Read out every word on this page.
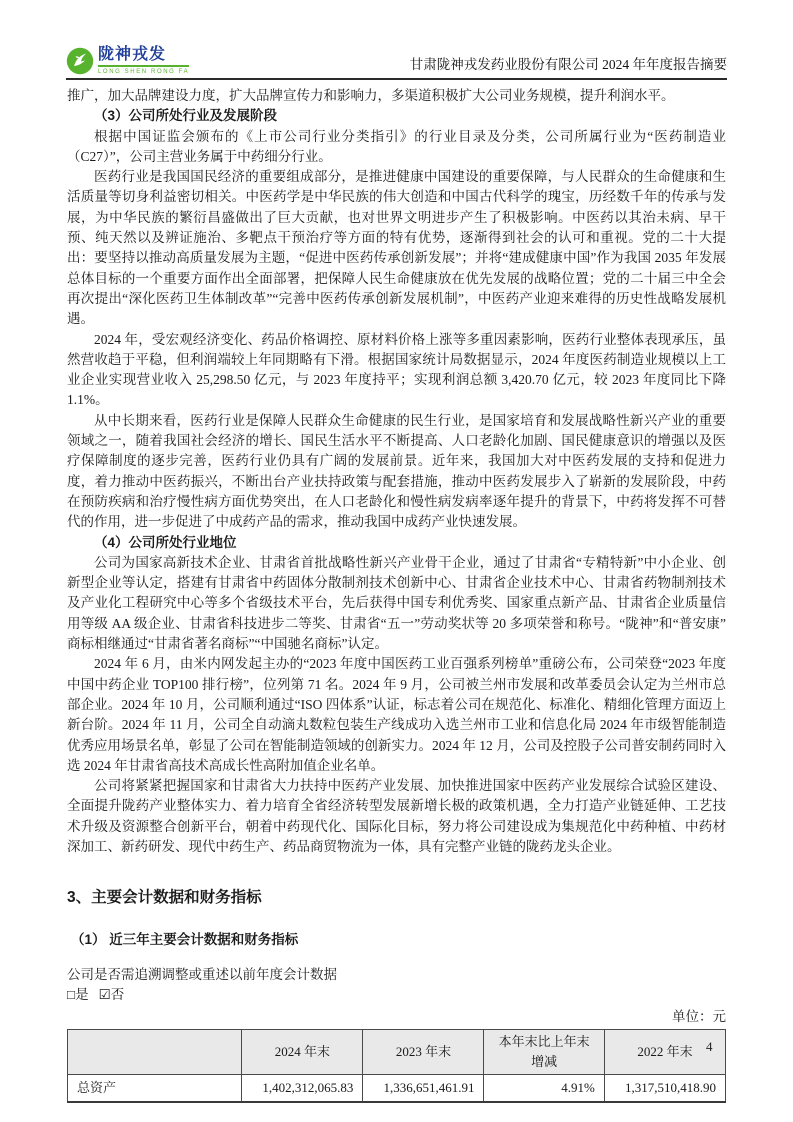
陇神戎发
LONG SHEN RONG FA	甘肃陇神戎发药业股份有限公司 2024 年年度报告摘要

推广，加大品牌建设力度，扩大品牌宣传力和影响力，多渠道积极扩大公司业务规模，提升利润水平。

（3）公司所处行业及发展阶段

根据中国证监会颁布的《上市公司行业分类指引》的行业目录及分类，公司所属行业为“医药制造业（C27）”，公司主营业务属于中药细分行业。

医药行业是我国国民经济的重要组成部分，是推进健康中国建设的重要保障，与人民群众的生命健康和生活质量等切身利益密切相关。中医药学是中华民族的伟大创造和中国古代科学的瑰宝，历经数千年的传承与发展，为中华民族的繁衍昌盛做出了巨大贡献，也对世界文明进步产生了积极影响。中医药以其治未病、早干预、纯天然以及辨证施治、多靶点干预治疗等方面的特有优势，逐渐得到社会的认可和重视。党的二十大提出：要坚持以推动高质量发展为主题，“促进中医药传承创新发展”；并将“建成健康中国”作为我国 2035 年发展总体目标的一个重要方面作出全面部署，把保障人民生命健康放在优先发展的战略位置；党的二十届三中全会再次提出“深化医药卫生体制改革”“完善中医药传承创新发展机制”，中医药产业迎来难得的历史性战略发展机遇。

2024 年，受宏观经济变化、药品价格调控、原材料价格上涨等多重因素影响，医药行业整体表现承压，虽然营收趋于平稳，但利润端较上年同期略有下滑。根据国家统计局数据显示，2024 年度医药制造业规模以上工业企业实现营业收入 25,298.50 亿元，与 2023 年度持平；实现利润总额 3,420.70 亿元，较 2023 年度同比下降 1.1%。

从中长期来看，医药行业是保障人民群众生命健康的民生行业，是国家培育和发展战略性新兴产业的重要领域之一，随着我国社会经济的增长、国民生活水平不断提高、人口老龄化加剧、国民健康意识的增强以及医疗保障制度的逐步完善，医药行业仍具有广阔的发展前景。近年来，我国加大对中医药发展的支持和促进力度，着力推动中医药振兴，不断出台产业扶持政策与配套措施，推动中医药发展步入了崭新的发展阶段，中药在预防疾病和治疗慢性病方面优势突出，在人口老龄化和慢性病发病率逐年提升的背景下，中药将发挥不可替代的作用，进一步促进了中成药产品的需求，推动我国中成药产业快速发展。

（4）公司所处行业地位

公司为国家高新技术企业、甘肃省首批战略性新兴产业骨干企业，通过了甘肃省“专精特新”中小企业、创新型企业等认定，搭建有甘肃省中药固体分散制剂技术创新中心、甘肃省企业技术中心、甘肃省药物制剂技术及产业化工程研究中心等多个省级技术平台，先后获得中国专利优秀奖、国家重点新产品、甘肃省企业质量信用等级 AA 级企业、甘肃省科技进步二等奖、甘肃省“五一”劳动奖状等 20 多项荣誉和称号。“陇神”和“普安康”商标相继通过“甘肃省著名商标”“中国驰名商标”认定。

2024 年 6 月，由米内网发起主办的“2023 年度中国医药工业百强系列榜单”重磅公布，公司荣登“2023 年度中国中药企业 TOP100 排行榜”，位列第 71 名。2024 年 9 月，公司被兰州市发展和改革委员会认定为兰州市总部企业。2024 年 10 月，公司顺利通过“ISO 四体系”认证，标志着公司在规范化、标准化、精细化管理方面迈上新台阶。2024 年 11 月，公司全自动滴丸数粒包装生产线成功入选兰州市工业和信息化局 2024 年市级智能制造优秀应用场景名单，彰显了公司在智能制造领域的创新实力。2024 年 12 月，公司及控股子公司普安制药同时入选 2024 年甘肃省高技术高成长性高附加值企业名单。

公司将紧紧把握国家和甘肃省大力扶持中医药产业发展、加快推进国家中医药产业发展综合试验区建设、全面提升陇药产业整体实力、着力培育全省经济转型发展新增长极的政策机遇，全力打造产业链延伸、工艺技术升级及资源整合创新平台，朝着中药现代化、国际化目标，努力将公司建设成为集规范化中药种植、中药材深加工、新药研发、现代中药生产、药品商贸物流为一体，具有完整产业链的陇药龙头企业。

3、主要会计数据和财务指标
（1） 近三年主要会计数据和财务指标
公司是否需追溯调整或重述以前年度会计数据
□是 ☑否
单位：元
	2024 年末	2023 年末	本年末比上年末增减	2022 年末
总资产	1,402,312,065.83	1,336,651,461.91	4.91%	1,317,510,418.90
4
